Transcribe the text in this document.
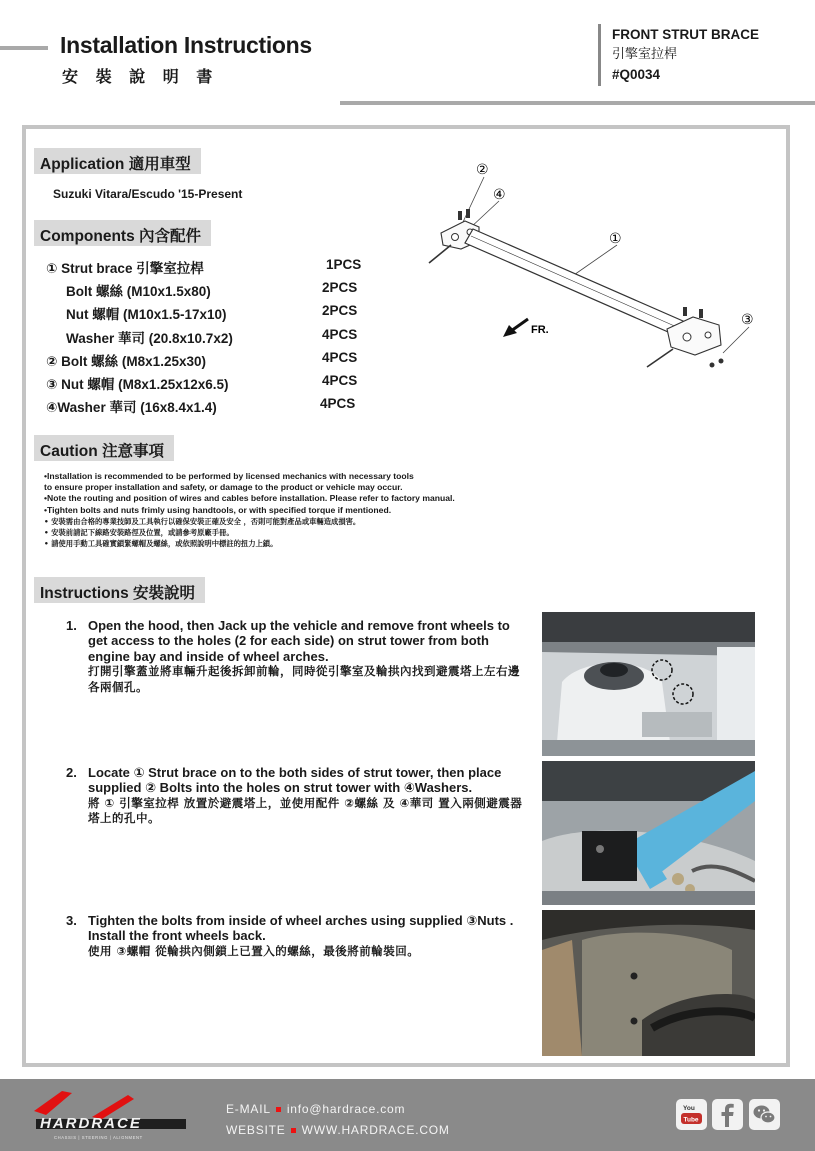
Installation Instructions
安 裝 說 明 書
FRONT STRUT BRACE
引擎室拉桿
#Q0034
Application 適用車型
Suzuki Vitara/Escudo '15-Present
Components 內含配件
① Strut brace 引擎室拉桿	1PCS
Bolt 螺絲 (M10x1.5x80)	2PCS
Nut 螺帽 (M10x1.5-17x10)	2PCS
Washer 華司 (20.8x10.7x2)	4PCS
② Bolt 螺絲 (M8x1.25x30)	4PCS
③ Nut 螺帽 (M8x1.25x12x6.5)	4PCS
④Washer 華司 (16x8.4x1.4)	4PCS
②
④
①
③
FR.
Caution 注意事項
•Installation is recommended to be performed by licensed mechanics with necessary tools
to ensure proper installation and safety, or damage to the product or vehicle may occur.
•Note the routing and position of wires and cables before installation. Please refer to factory manual.
•Tighten bolts and nuts frimly using handtools, or with specified torque if mentioned.
• 安裝需由合格的專業技師及工具執行以確保安裝正確及安全 ，否則可能對產品或車輛造成損害。
• 安裝前請記下線路安裝路徑及位置，或請參考原廠手冊。
• 請使用手動工具確實鎖緊螺帽及螺絲，或依照說明中標註的扭力上鎖。
Instructions 安裝說明
1. Open the hood, then Jack up the vehicle and remove front wheels to get access to the holes (2 for each side) on strut tower from both engine bay and inside of wheel arches.
打開引擎蓋並將車輛升起後拆卸前輪，同時從引擎室及輪拱內找到避震塔上左右邊各兩個孔。
2. Locate ① Strut brace on to the both sides of strut tower, then place supplied ② Bolts into the holes on strut tower with ④Washers.
將 ① 引擎室拉桿 放置於避震塔上，並使用配件 ②螺絲 及 ④華司 置入兩側避震器塔上的孔中。
3. Tighten the bolts from inside of wheel arches using supplied ③Nuts . Install the front wheels back.
使用 ③螺帽 從輪拱內側鎖上已置入的螺絲，最後將前輪裝回。
HARDRACE
CHASSIS | STEERING | ALIGNMENT
E-MAIL info@hardrace.com
WEBSITE WWW.HARDRACE.COM
You
Tube
